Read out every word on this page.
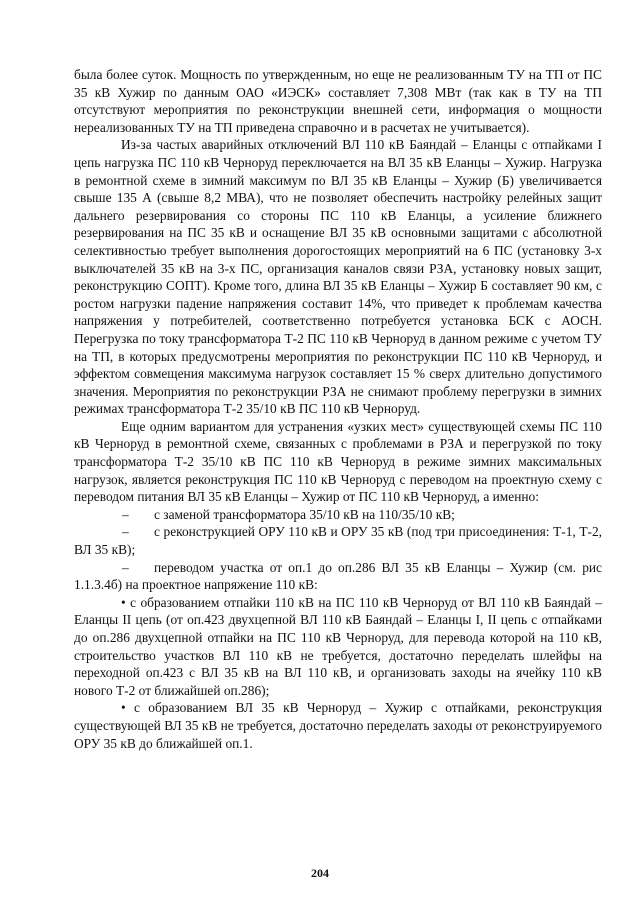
была более суток. Мощность по утвержденным, но еще не реализованным ТУ на ТП от ПС 35 кВ Хужир по данным ОАО «ИЭСК» составляет 7,308 МВт (так как в ТУ на ТП отсутствуют мероприятия по реконструкции внешней сети, информация о мощности нереализованных ТУ на ТП приведена справочно и в расчетах не учитывается).

Из-за частых аварийных отключений ВЛ 110 кВ Баяндай – Еланцы с отпайками I цепь нагрузка ПС 110 кВ Черноруд переключается на ВЛ 35 кВ Еланцы – Хужир. Нагрузка в ремонтной схеме в зимний максимум по ВЛ 35 кВ Еланцы – Хужир (Б) увеличивается свыше 135 А (свыше 8,2 МВА), что не позволяет обеспечить настройку релейных защит дальнего резервирования со стороны ПС 110 кВ Еланцы, а усиление ближнего резервирования на ПС 35 кВ и оснащение ВЛ 35 кВ основными защитами с абсолютной селективностью требует выполнения дорогостоящих мероприятий на 6 ПС (установку 3-х выключателей 35 кВ на 3-х ПС, организация каналов связи РЗА, установку новых защит, реконструкцию СОПТ). Кроме того, длина ВЛ 35 кВ Еланцы – Хужир Б составляет 90 км, с ростом нагрузки падение напряжения составит 14%, что приведет к проблемам качества напряжения у потребителей, соответственно потребуется установка БСК с АОСН. Перегрузка по току трансформатора Т-2 ПС 110 кВ Черноруд в данном режиме с учетом ТУ на ТП, в которых предусмотрены мероприятия по реконструкции ПС 110 кВ Черноруд, и эффектом совмещения максимума нагрузок составляет 15 % сверх длительно допустимого значения. Мероприятия по реконструкции РЗА не снимают проблему перегрузки в зимних режимах трансформатора Т-2 35/10 кВ ПС 110 кВ Черноруд.

Еще одним вариантом для устранения «узких мест» существующей схемы ПС 110 кВ Черноруд в ремонтной схеме, связанных с проблемами в РЗА и перегрузкой по току трансформатора Т-2 35/10 кВ ПС 110 кВ Черноруд в режиме зимних максимальных нагрузок, является реконструкция ПС 110 кВ Черноруд с переводом на проектную схему с переводом питания ВЛ 35 кВ Еланцы – Хужир от ПС 110 кВ Черноруд, а именно:

– с заменой трансформатора 35/10 кВ на 110/35/10 кВ;

– с реконструкцией ОРУ 110 кВ и ОРУ 35 кВ (под три присоединения: Т-1, Т-2, ВЛ 35 кВ);

– переводом участка от оп.1 до оп.286 ВЛ 35 кВ Еланцы – Хужир (см. рис 1.1.3.4б) на проектное напряжение 110 кВ:

• с образованием отпайки 110 кВ на ПС 110 кВ Черноруд от ВЛ 110 кВ Баяндай – Еланцы II цепь (от оп.423 двухцепной ВЛ 110 кВ Баяндай – Еланцы I, II цепь с отпайками до оп.286 двухцепной отпайки на ПС 110 кВ Черноруд, для перевода которой на 110 кВ, строительство участков ВЛ 110 кВ не требуется, достаточно переделать шлейфы на переходной оп.423 с ВЛ 35 кВ на ВЛ 110 кВ, и организовать заходы на ячейку 110 кВ нового Т-2 от ближайшей оп.286);

• с образованием ВЛ 35 кВ Черноруд – Хужир с отпайками, реконструкция существующей ВЛ 35 кВ не требуется, достаточно переделать заходы от реконструируемого ОРУ 35 кВ до ближайшей оп.1.

204
